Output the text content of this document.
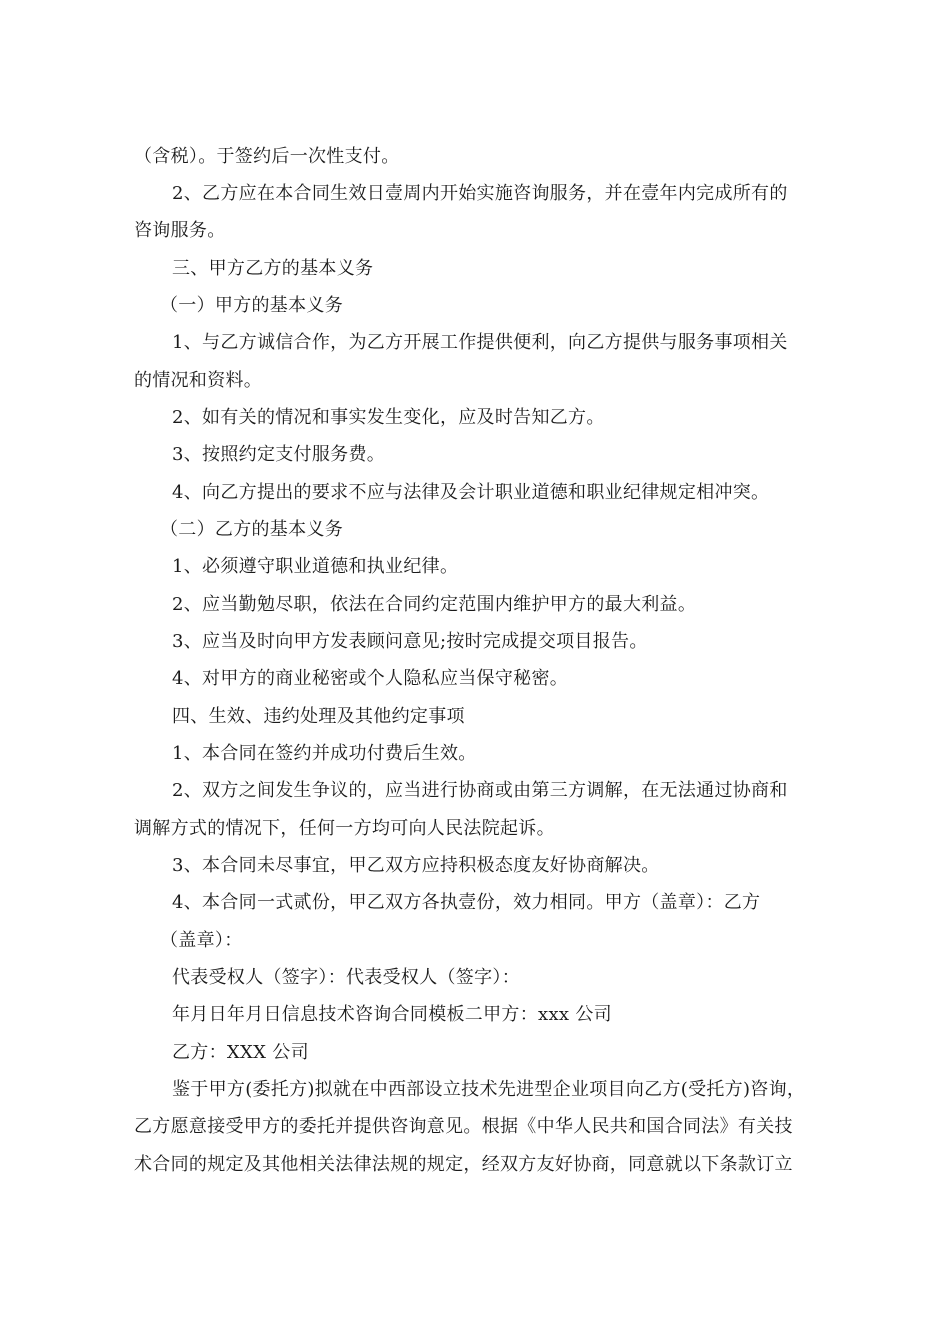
（含税）。于签约后一次性支付。
2、乙方应在本合同生效日壹周内开始实施咨询服务，并在壹年内完成所有的
咨询服务。
三、甲方乙方的基本义务
（一）甲方的基本义务
1、与乙方诚信合作，为乙方开展工作提供便利，向乙方提供与服务事项相关
的情况和资料。
2、如有关的情况和事实发生变化，应及时告知乙方。
3、按照约定支付服务费。
4、向乙方提出的要求不应与法律及会计职业道德和职业纪律规定相冲突。
（二）乙方的基本义务
1、必须遵守职业道德和执业纪律。
2、应当勤勉尽职，依法在合同约定范围内维护甲方的最大利益。
3、应当及时向甲方发表顾问意见;按时完成提交项目报告。
4、对甲方的商业秘密或个人隐私应当保守秘密。
四、生效、违约处理及其他约定事项
1、本合同在签约并成功付费后生效。
2、双方之间发生争议的，应当进行协商或由第三方调解，在无法通过协商和
调解方式的情况下，任何一方均可向人民法院起诉。
3、本合同未尽事宜，甲乙双方应持积极态度友好协商解决。
4、本合同一式贰份，甲乙双方各执壹份，效力相同。甲方（盖章）：乙方
（盖章）：
代表受权人（签字）：代表受权人（签字）：
年月日年月日信息技术咨询合同模板二甲方：xxx 公司
乙方：XXX 公司
鉴于甲方(委托方)拟就在中西部设立技术先进型企业项目向乙方(受托方)咨询，
乙方愿意接受甲方的委托并提供咨询意见。根据《中华人民共和国合同法》有关技
术合同的规定及其他相关法律法规的规定，经双方友好协商，同意就以下条款订立
